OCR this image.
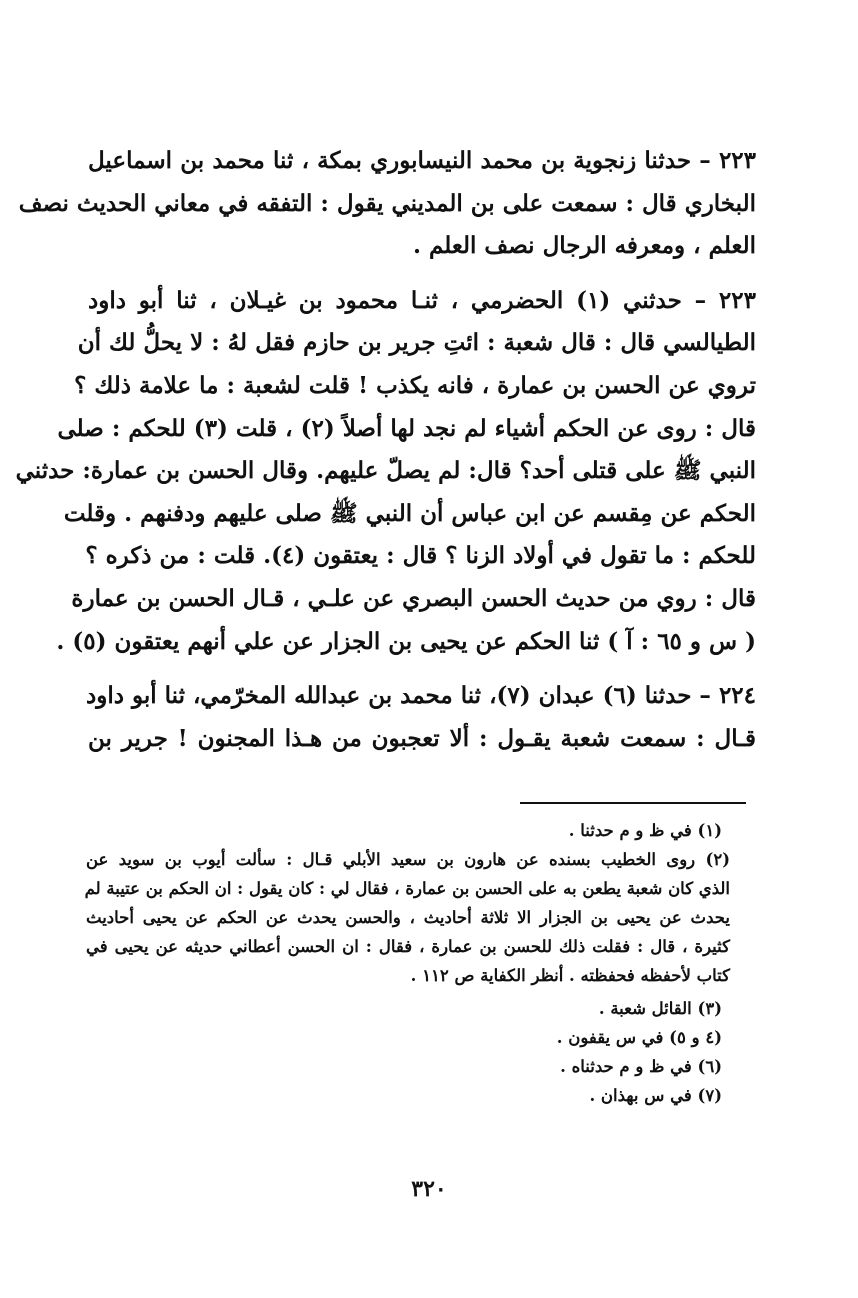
٢٢٣ – حدثنا زنجوية بن محمد النيسابوري بمكة ، ثنا محمد بن اسماعيل
البخاري قال : سمعت على بن المديني يقول : التفقه في معاني الحديث نصف
العلم ، ومعرفه الرجال نصف العلم .
٢٢٣ – حدثني (١) الحضرمي ، ثنـا محمود بن غيـلان ، ثنا أبو داود
الطيالسي قال : قال شعبة : ائتِ جرير بن حازم فقل لهُ : لا يحلُّ لك أن
تروي عن الحسن بن عمارة ، فانه يكذب ! قلت لشعبة : ما علامة ذلك ؟
قال : روى عن الحكم أشياء لم نجد لها أصلاً (٢) ، قلت (٣) للحكم : صلى
النبي ﷺ على قتلى أحد؟ قال: لم يصلّ عليهم. وقال الحسن بن عمارة: حدثني
الحكم عن مِقسم عن ابن عباس أن النبي ﷺ صلى عليهم ودفنهم . وقلت
للحكم : ما تقول في أولاد الزنا ؟ قال : يعتقون (٤). قلت : من ذكره ؟
قال : روي من حديث الحسن البصري عن علـي ، قـال الحسن بن عمارة
( س و ٦٥ : آ ) ثنا الحكم عن يحيى بن الجزار عن علي أنهم يعتقون (٥) .
٢٢٤ – حدثنا (٦) عبدان (٧)، ثنا محمد بن عبدالله المخرّمي، ثنا أبو داود
قـال : سمعت شعبة يقـول : ألا تعجبون من هـذا المجنون ! جرير بن
(١) في ظ و م حدثنا .
(٢) روى الخطيب بسنده عن هارون بن سعيد الأبلي قـال : سألت أيوب بن سويد عن
الذي كان شعبة يطعن به على الحسن بن عمارة ، فقال لي : كان يقول : ان الحكم بن عتيبة لم
يحدث عن يحيى بن الجزار الا ثلاثة أحاديث ، والحسن يحدث عن الحكم عن يحيى أحاديث
كثيرة ، قال : فقلت ذلك للحسن بن عمارة ، فقال : ان الحسن أعطاني حديثه عن يحيى في
كتاب لأحفظه فحفظته . أنظر الكفاية ص ١١٢ .
(٣) القائل شعبة .
(٤ و ٥) في س يقفون .
(٦) في ظ و م حدثناه .
(٧) في س بهذان .
٣٢٠
